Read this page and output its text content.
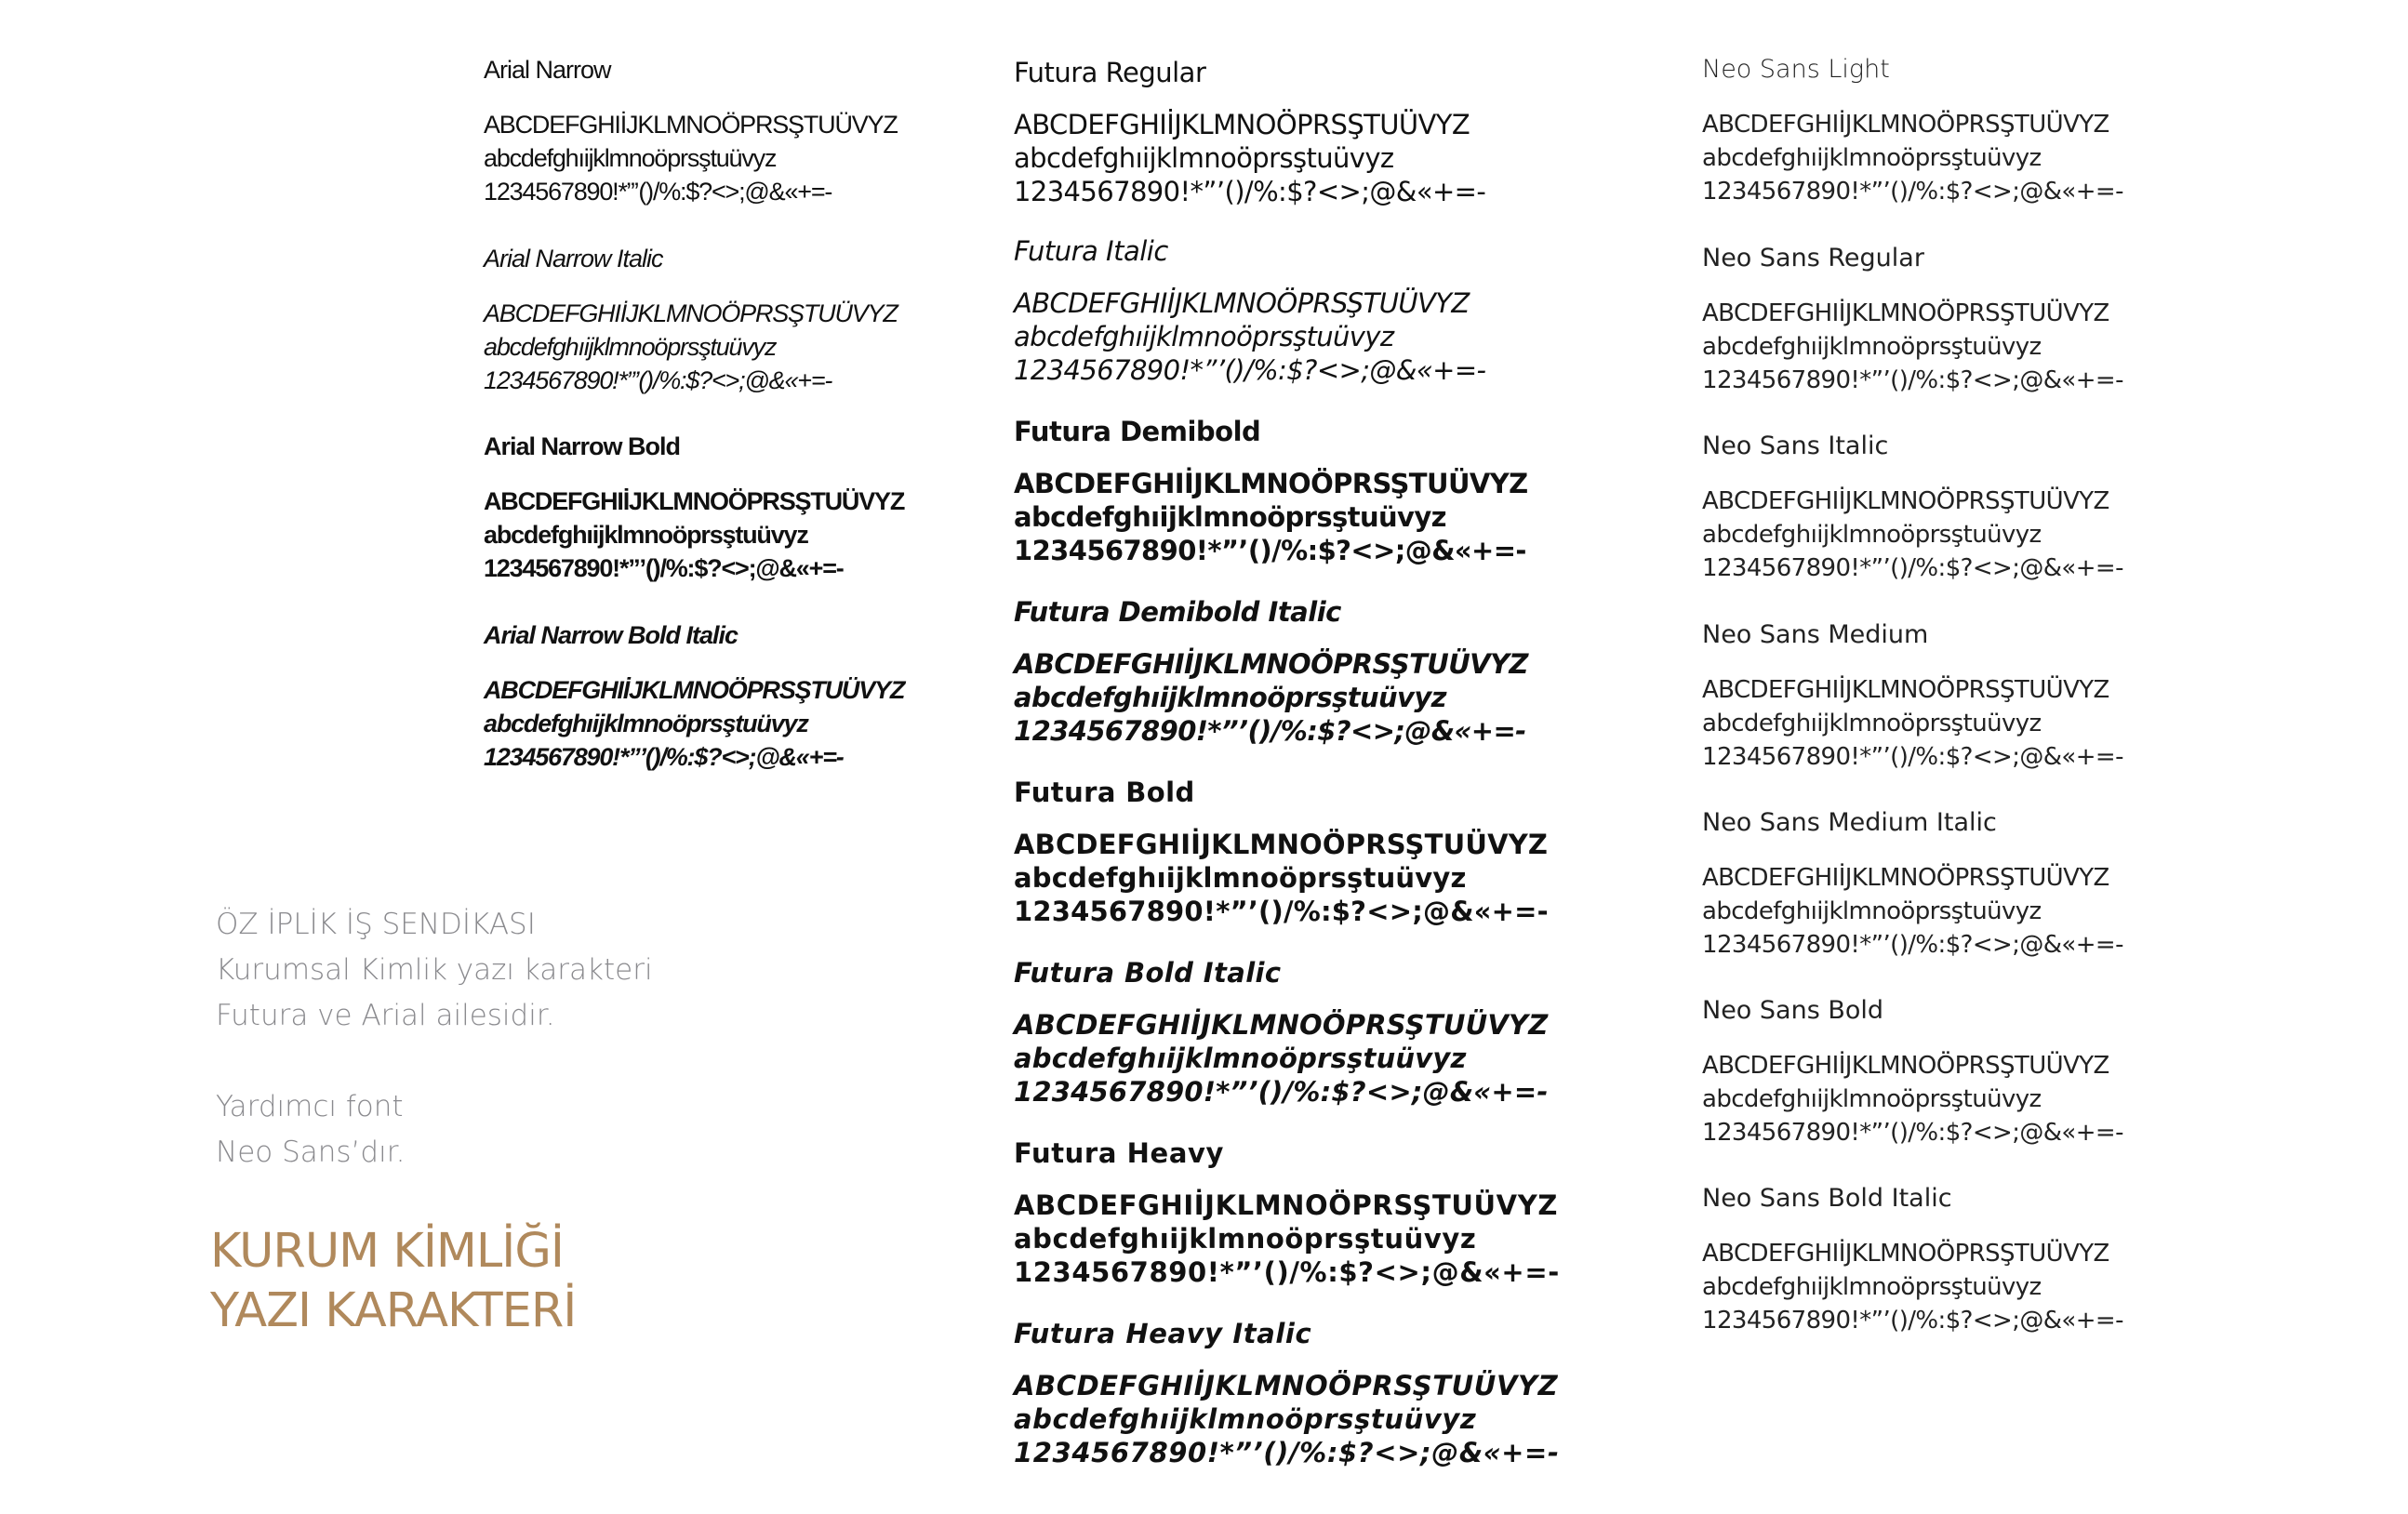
ÖZ İPLİK İŞ SENDİKASI
Kurumsal Kimlik yazı karakteri
Futura ve Arial ailesidir.
Yardımcı font
Neo Sans’dır.
KURUM KİMLİĞİ
YAZI KARAKTERİ
Arial Narrow
ABCDEFGHIİJKLMNOÖPRSŞTUÜVYZ
abcdefghıijklmnoöprsştuüvyz
1234567890!*”’()/%:$?<>;@&«+=-
Arial Narrow Italic
ABCDEFGHIİJKLMNOÖPRSŞTUÜVYZ
abcdefghıijklmnoöprsştuüvyz
1234567890!*”’()/%:$?<>;@&«+=-
Arial Narrow Bold
ABCDEFGHIİJKLMNOÖPRSŞTUÜVYZ
abcdefghıijklmnoöprsştuüvyz
1234567890!*”’()/%:$?<>;@&«+=-
Arial Narrow Bold Italic
ABCDEFGHIİJKLMNOÖPRSŞTUÜVYZ
abcdefghıijklmnoöprsştuüvyz
1234567890!*”’()/%:$?<>;@&«+=-
Futura Regular
ABCDEFGHIİJKLMNOÖPRSŞTUÜVYZ
abcdefghıijklmnoöprsştuüvyz
1234567890!*”’()/%:$?<>;@&«+=-
Futura Italic
ABCDEFGHIİJKLMNOÖPRSŞTUÜVYZ
abcdefghıijklmnoöprsştuüvyz
1234567890!*”’()/%:$?<>;@&«+=-
Futura Demibold
ABCDEFGHIİJKLMNOÖPRSŞTUÜVYZ
abcdefghıijklmnoöprsştuüvyz
1234567890!*”’()/%:$?<>;@&«+=-
Futura Demibold Italic
ABCDEFGHIİJKLMNOÖPRSŞTUÜVYZ
abcdefghıijklmnoöprsştuüvyz
1234567890!*”’()/%:$?<>;@&«+=-
Futura Bold
ABCDEFGHIİJKLMNOÖPRSŞTUÜVYZ
abcdefghıijklmnoöprsştuüvyz
1234567890!*”’()/%:$?<>;@&«+=-
Futura Bold Italic
ABCDEFGHIİJKLMNOÖPRSŞTUÜVYZ
abcdefghıijklmnoöprsştuüvyz
1234567890!*”’()/%:$?<>;@&«+=-
Futura Heavy
ABCDEFGHIİJKLMNOÖPRSŞTUÜVYZ
abcdefghıijklmnoöprsştuüvyz
1234567890!*”’()/%:$?<>;@&«+=-
Futura Heavy Italic
ABCDEFGHIİJKLMNOÖPRSŞTUÜVYZ
abcdefghıijklmnoöprsştuüvyz
1234567890!*”’()/%:$?<>;@&«+=-
Neo Sans Light
ABCDEFGHIİJKLMNOÖPRSŞTUÜVYZ
abcdefghıijklmnoöprsştuüvyz
1234567890!*”’()/%:$?<>;@&«+=-
Neo Sans Regular
ABCDEFGHIİJKLMNOÖPRSŞTUÜVYZ
abcdefghıijklmnoöprsştuüvyz
1234567890!*”’()/%:$?<>;@&«+=-
Neo Sans Italic
ABCDEFGHIİJKLMNOÖPRSŞTUÜVYZ
abcdefghıijklmnoöprsştuüvyz
1234567890!*”’()/%:$?<>;@&«+=-
Neo Sans Medium
ABCDEFGHIİJKLMNOÖPRSŞTUÜVYZ
abcdefghıijklmnoöprsştuüvyz
1234567890!*”’()/%:$?<>;@&«+=-
Neo Sans Medium Italic
ABCDEFGHIİJKLMNOÖPRSŞTUÜVYZ
abcdefghıijklmnoöprsştuüvyz
1234567890!*”’()/%:$?<>;@&«+=-
Neo Sans Bold
ABCDEFGHIİJKLMNOÖPRSŞTUÜVYZ
abcdefghıijklmnoöprsştuüvyz
1234567890!*”’()/%:$?<>;@&«+=-
Neo Sans Bold Italic
ABCDEFGHIİJKLMNOÖPRSŞTUÜVYZ
abcdefghıijklmnoöprsştuüvyz
1234567890!*”’()/%:$?<>;@&«+=-
